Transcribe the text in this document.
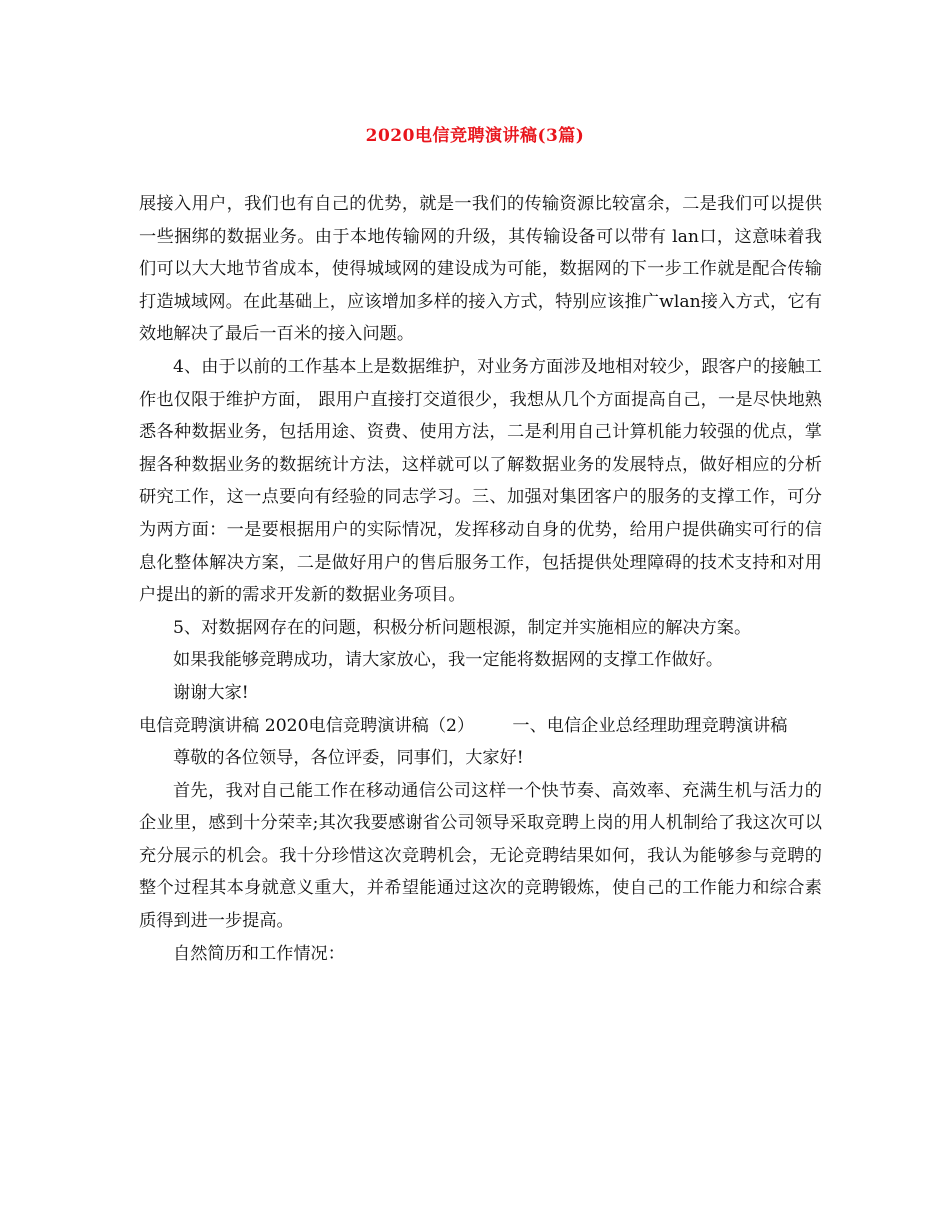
2020电信竞聘演讲稿(3篇)

展接入用户，我们也有自己的优势，就是一我们的传输资源比较富余，二是我们可以提供一些捆绑的数据业务。由于本地传输网的升级，其传输设备可以带有 lan口，这意味着我们可以大大地节省成本，使得城域网的建设成为可能，数据网的下一步工作就是配合传输打造城域网。在此基础上，应该增加多样的接入方式，特别应该推广wlan接入方式，它有效地解决了最后一百米的接入问题。

4、由于以前的工作基本上是数据维护，对业务方面涉及地相对较少，跟客户的接触工作也仅限于维护方面， 跟用户直接打交道很少，我想从几个方面提高自己，一是尽快地熟悉各种数据业务，包括用途、资费、使用方法，二是利用自己计算机能力较强的优点，掌握各种数据业务的数据统计方法，这样就可以了解数据业务的发展特点，做好相应的分析研究工作，这一点要向有经验的同志学习。三、加强对集团客户的服务的支撑工作，可分为两方面：一是要根据用户的实际情况，发挥移动自身的优势，给用户提供确实可行的信息化整体解决方案，二是做好用户的售后服务工作，包括提供处理障碍的技术支持和对用户提出的新的需求开发新的数据业务项目。

5、对数据网存在的问题，积极分析问题根源，制定并实施相应的解决方案。

如果我能够竞聘成功，请大家放心，我一定能将数据网的支撑工作做好。

谢谢大家!

电信竞聘演讲稿 2020电信竞聘演讲稿（2）       一、电信企业总经理助理竞聘演讲稿

尊敬的各位领导，各位评委，同事们，大家好!

首先，我对自己能工作在移动通信公司这样一个快节奏、高效率、充满生机与活力的企业里，感到十分荣幸;其次我要感谢省公司领导采取竞聘上岗的用人机制给了我这次可以充分展示的机会。我十分珍惜这次竞聘机会，无论竞聘结果如何，我认为能够参与竞聘的整个过程其本身就意义重大，并希望能通过这次的竞聘锻炼，使自己的工作能力和综合素质得到进一步提高。

自然简历和工作情况：
